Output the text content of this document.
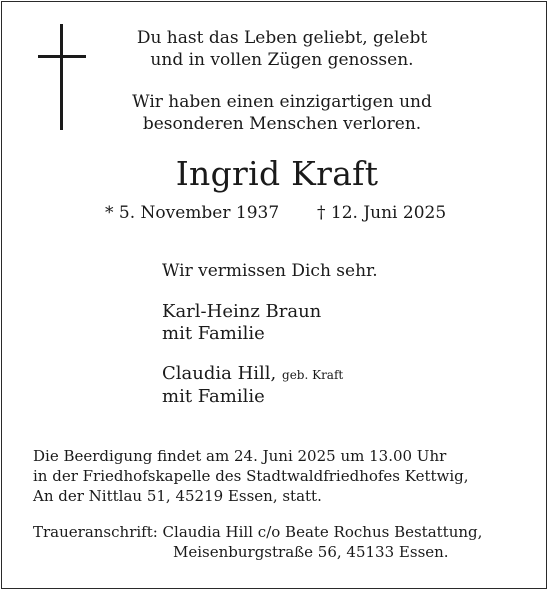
Du hast das Leben geliebt, gelebt
und in vollen Zügen genossen.
Wir haben einen einzigartigen und
besonderen Menschen verloren.
Ingrid Kraft
* 5. November 1937 † 12. Juni 2025
Wir vermissen Dich sehr.
Karl-Heinz Braun
mit Familie
Claudia Hill, geb. Kraft
mit Familie
Die Beerdigung findet am 24. Juni 2025 um 13.00 Uhr
in der Friedhofskapelle des Stadtwaldfriedhofes Kettwig,
An der Nittlau 51, 45219 Essen, statt.
Traueranschrift: Claudia Hill c/o Beate Rochus Bestattung,
Meisenburgstraße 56, 45133 Essen.
